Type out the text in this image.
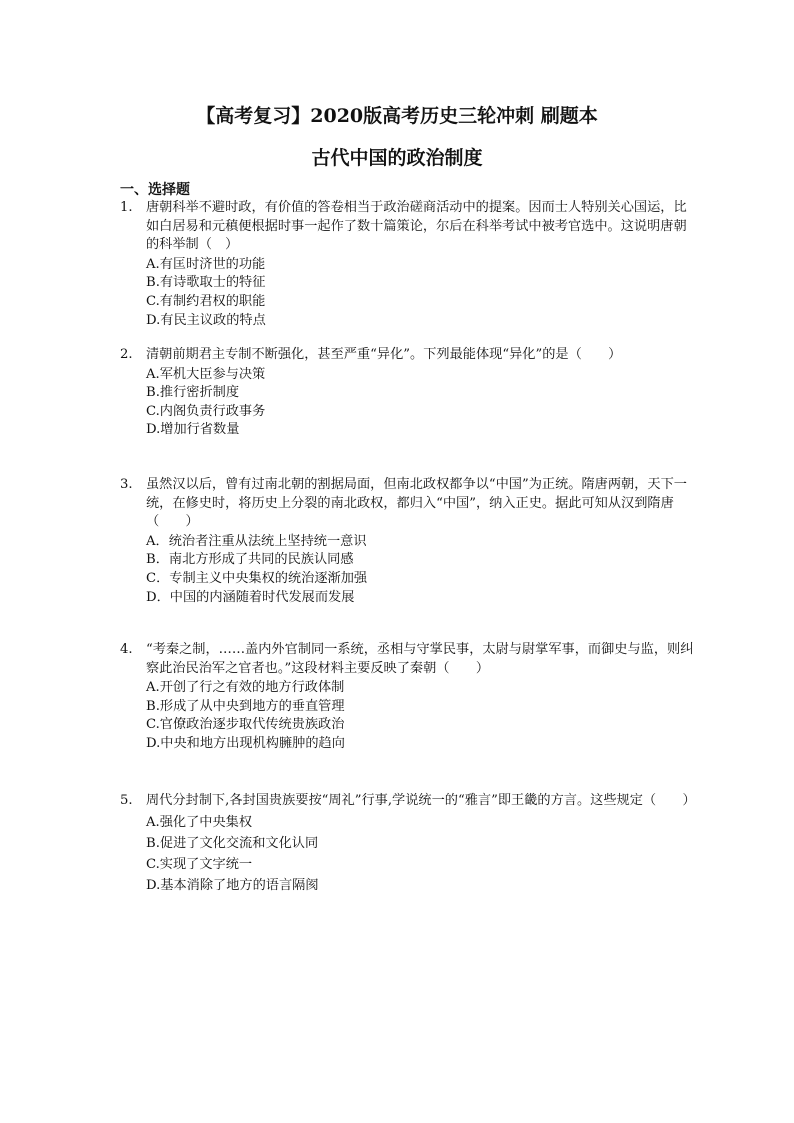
【高考复习】2020版高考历史三轮冲刺 刷题本
古代中国的政治制度
一、选择题
1. 唐朝科举不避时政，有价值的答卷相当于政治磋商活动中的提案。因而士人特别关心国运，比如白居易和元稹便根据时事一起作了数十篇策论，尔后在科举考试中被考官选中。这说明唐朝的科举制（　）
A.有匡时济世的功能
B.有诗歌取士的特征
C.有制约君权的职能
D.有民主议政的特点
2. 清朝前期君主专制不断强化，甚至严重“异化”。下列最能体现“异化”的是（　　）
A.军机大臣参与决策
B.推行密折制度
C.内阁负责行政事务
D.增加行省数量
3. 虽然汉以后，曾有过南北朝的割据局面，但南北政权都争以“中国”为正统。隋唐两朝，天下一统，在修史时，将历史上分裂的南北政权，都归入“中国”，纳入正史。据此可知从汉到隋唐（　　）
A．统治者注重从法统上坚持统一意识
B．南北方形成了共同的民族认同感
C．专制主义中央集权的统治逐渐加强
D．中国的内涵随着时代发展而发展
4. “考秦之制，……盖内外官制同一系统，丞相与守掌民事，太尉与尉掌军事，而御史与监，则纠察此治民治军之官者也。”这段材料主要反映了秦朝（　　）
A.开创了行之有效的地方行政体制
B.形成了从中央到地方的垂直管理
C.官僚政治逐步取代传统贵族政治
D.中央和地方出现机构臃肿的趋向
5. 周代分封制下,各封国贵族要按“周礼”行事,学说统一的“雅言”即王畿的方言。这些规定（　　）
A.强化了中央集权
B.促进了文化交流和文化认同
C.实现了文字统一
D.基本消除了地方的语言隔阂
